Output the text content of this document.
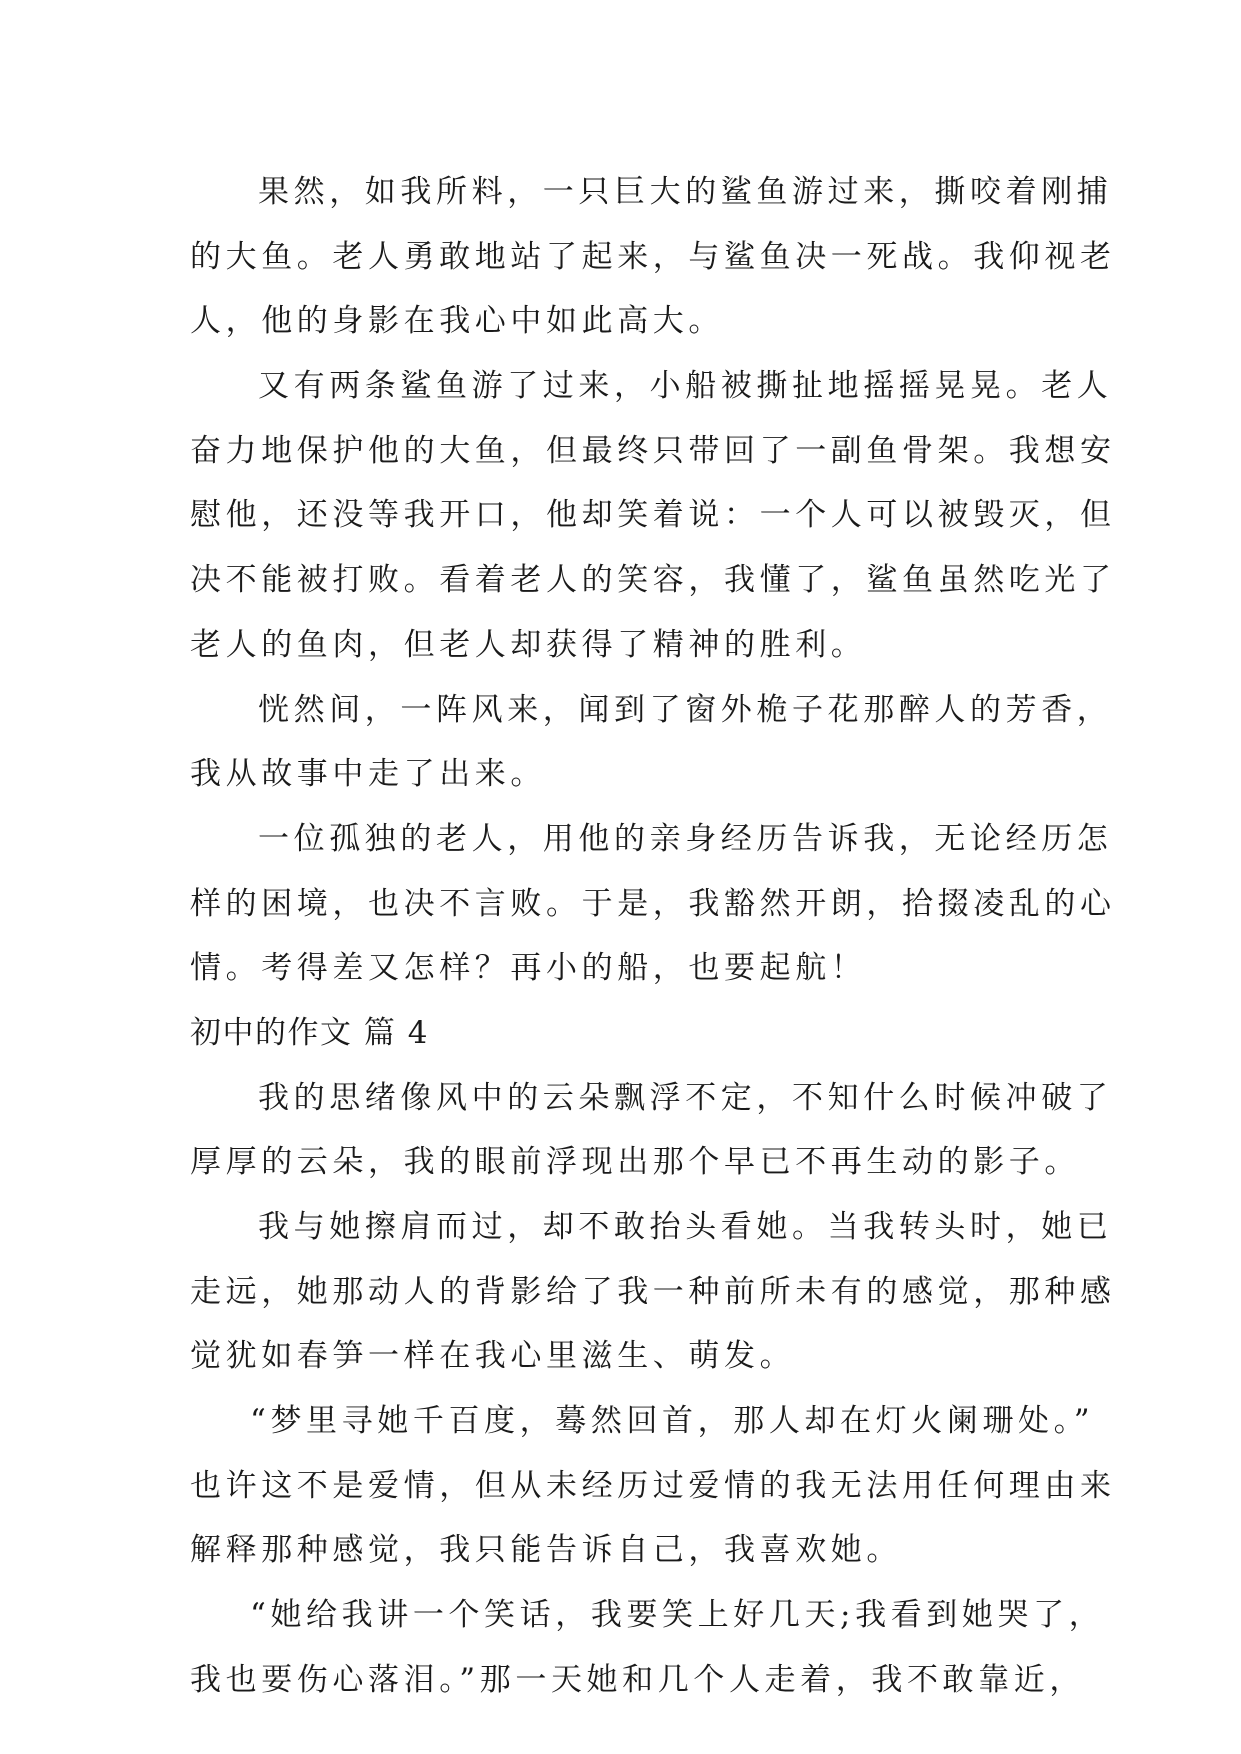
果然，如我所料，一只巨大的鲨鱼游过来，撕咬着刚捕
的大鱼。老人勇敢地站了起来，与鲨鱼决一死战。我仰视老
人，他的身影在我心中如此高大。
又有两条鲨鱼游了过来，小船被撕扯地摇摇晃晃。老人
奋力地保护他的大鱼，但最终只带回了一副鱼骨架。我想安
慰他，还没等我开口，他却笑着说：一个人可以被毁灭，但
决不能被打败。看着老人的笑容，我懂了，鲨鱼虽然吃光了
老人的鱼肉，但老人却获得了精神的胜利。
恍然间，一阵风来，闻到了窗外桅子花那醉人的芳香，
我从故事中走了出来。
一位孤独的老人，用他的亲身经历告诉我，无论经历怎
样的困境，也决不言败。于是，我豁然开朗，拾掇凌乱的心
情。考得差又怎样？再小的船，也要起航！
初中的作文 篇 4
我的思绪像风中的云朵飘浮不定，不知什么时候冲破了
厚厚的云朵，我的眼前浮现出那个早已不再生动的影子。
我与她擦肩而过，却不敢抬头看她。当我转头时，她已
走远，她那动人的背影给了我一种前所未有的感觉，那种感
觉犹如春笋一样在我心里滋生、萌发。
“梦里寻她千百度，蓦然回首，那人却在灯火阑珊处。”
也许这不是爱情，但从未经历过爱情的我无法用任何理由来
解释那种感觉，我只能告诉自己，我喜欢她。
“她给我讲一个笑话，我要笑上好几天;我看到她哭了，
我也要伤心落泪。”那一天她和几个人走着，我不敢靠近，
